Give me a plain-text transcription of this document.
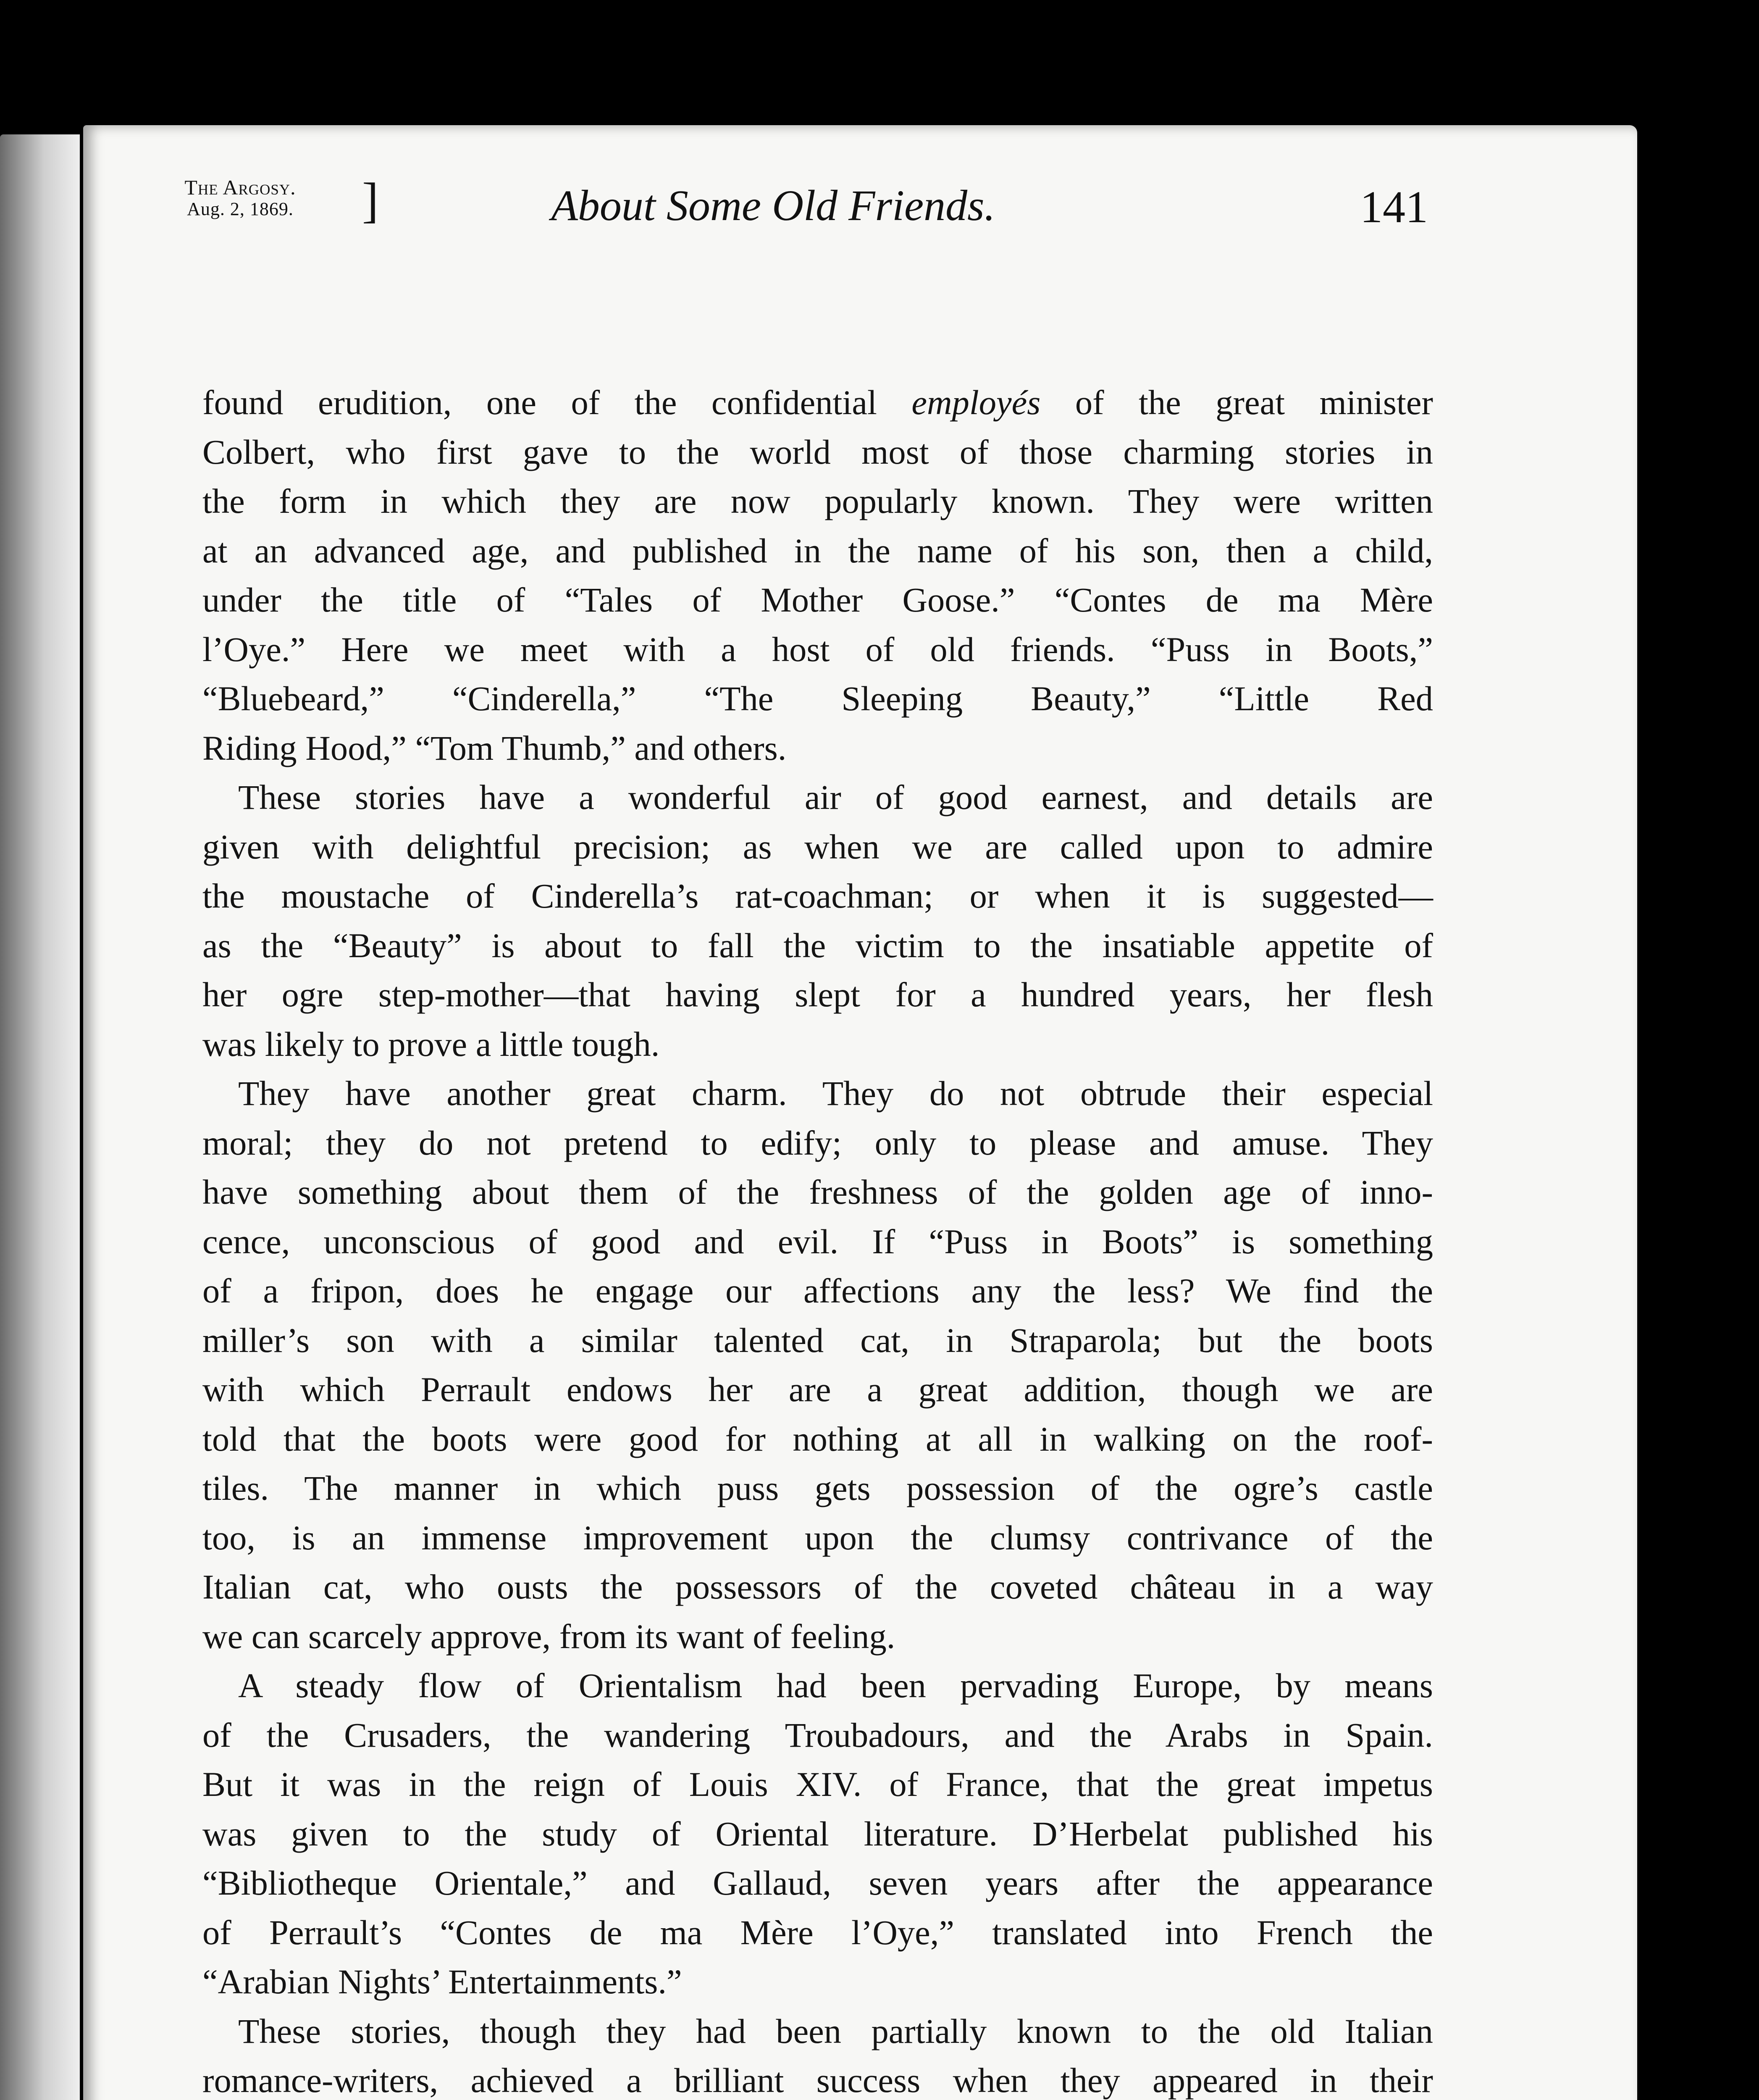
The Argosy.
Aug. 2, 1869.	]	About Some Old Friends.	141
found erudition, one of the confidential employés of the great minister
Colbert, who first gave to the world most of those charming stories in
the form in which they are now popularly known. They were written
at an advanced age, and published in the name of his son, then a child,
under the title of “Tales of Mother Goose.” “Contes de ma Mère
l’Oye.” Here we meet with a host of old friends. “Puss in Boots,”
“Bluebeard,” “Cinderella,” “The Sleeping Beauty,” “Little Red
Riding Hood,” “Tom Thumb,” and others.
These stories have a wonderful air of good earnest, and details are
given with delightful precision; as when we are called upon to admire
the moustache of Cinderella’s rat-coachman; or when it is suggested—
as the “Beauty” is about to fall the victim to the insatiable appetite of
her ogre step-mother—that having slept for a hundred years, her flesh
was likely to prove a little tough.
They have another great charm. They do not obtrude their especial
moral; they do not pretend to edify; only to please and amuse. They
have something about them of the freshness of the golden age of inno-
cence, unconscious of good and evil. If “Puss in Boots” is something
of a fripon, does he engage our affections any the less? We find the
miller’s son with a similar talented cat, in Straparola; but the boots
with which Perrault endows her are a great addition, though we are
told that the boots were good for nothing at all in walking on the roof-
tiles. The manner in which puss gets possession of the ogre’s castle
too, is an immense improvement upon the clumsy contrivance of the
Italian cat, who ousts the possessors of the coveted château in a way
we can scarcely approve, from its want of feeling.
A steady flow of Orientalism had been pervading Europe, by means
of the Crusaders, the wandering Troubadours, and the Arabs in Spain.
But it was in the reign of Louis XIV. of France, that the great impetus
was given to the study of Oriental literature. D’Herbelat published his
“Bibliotheque Orientale,” and Gallaud, seven years after the appearance
of Perrault’s “Contes de ma Mère l’Oye,” translated into French the
“Arabian Nights’ Entertainments.”
These stories, though they had been partially known to the old Italian
romance-writers, achieved a brilliant success when they appeared in their
